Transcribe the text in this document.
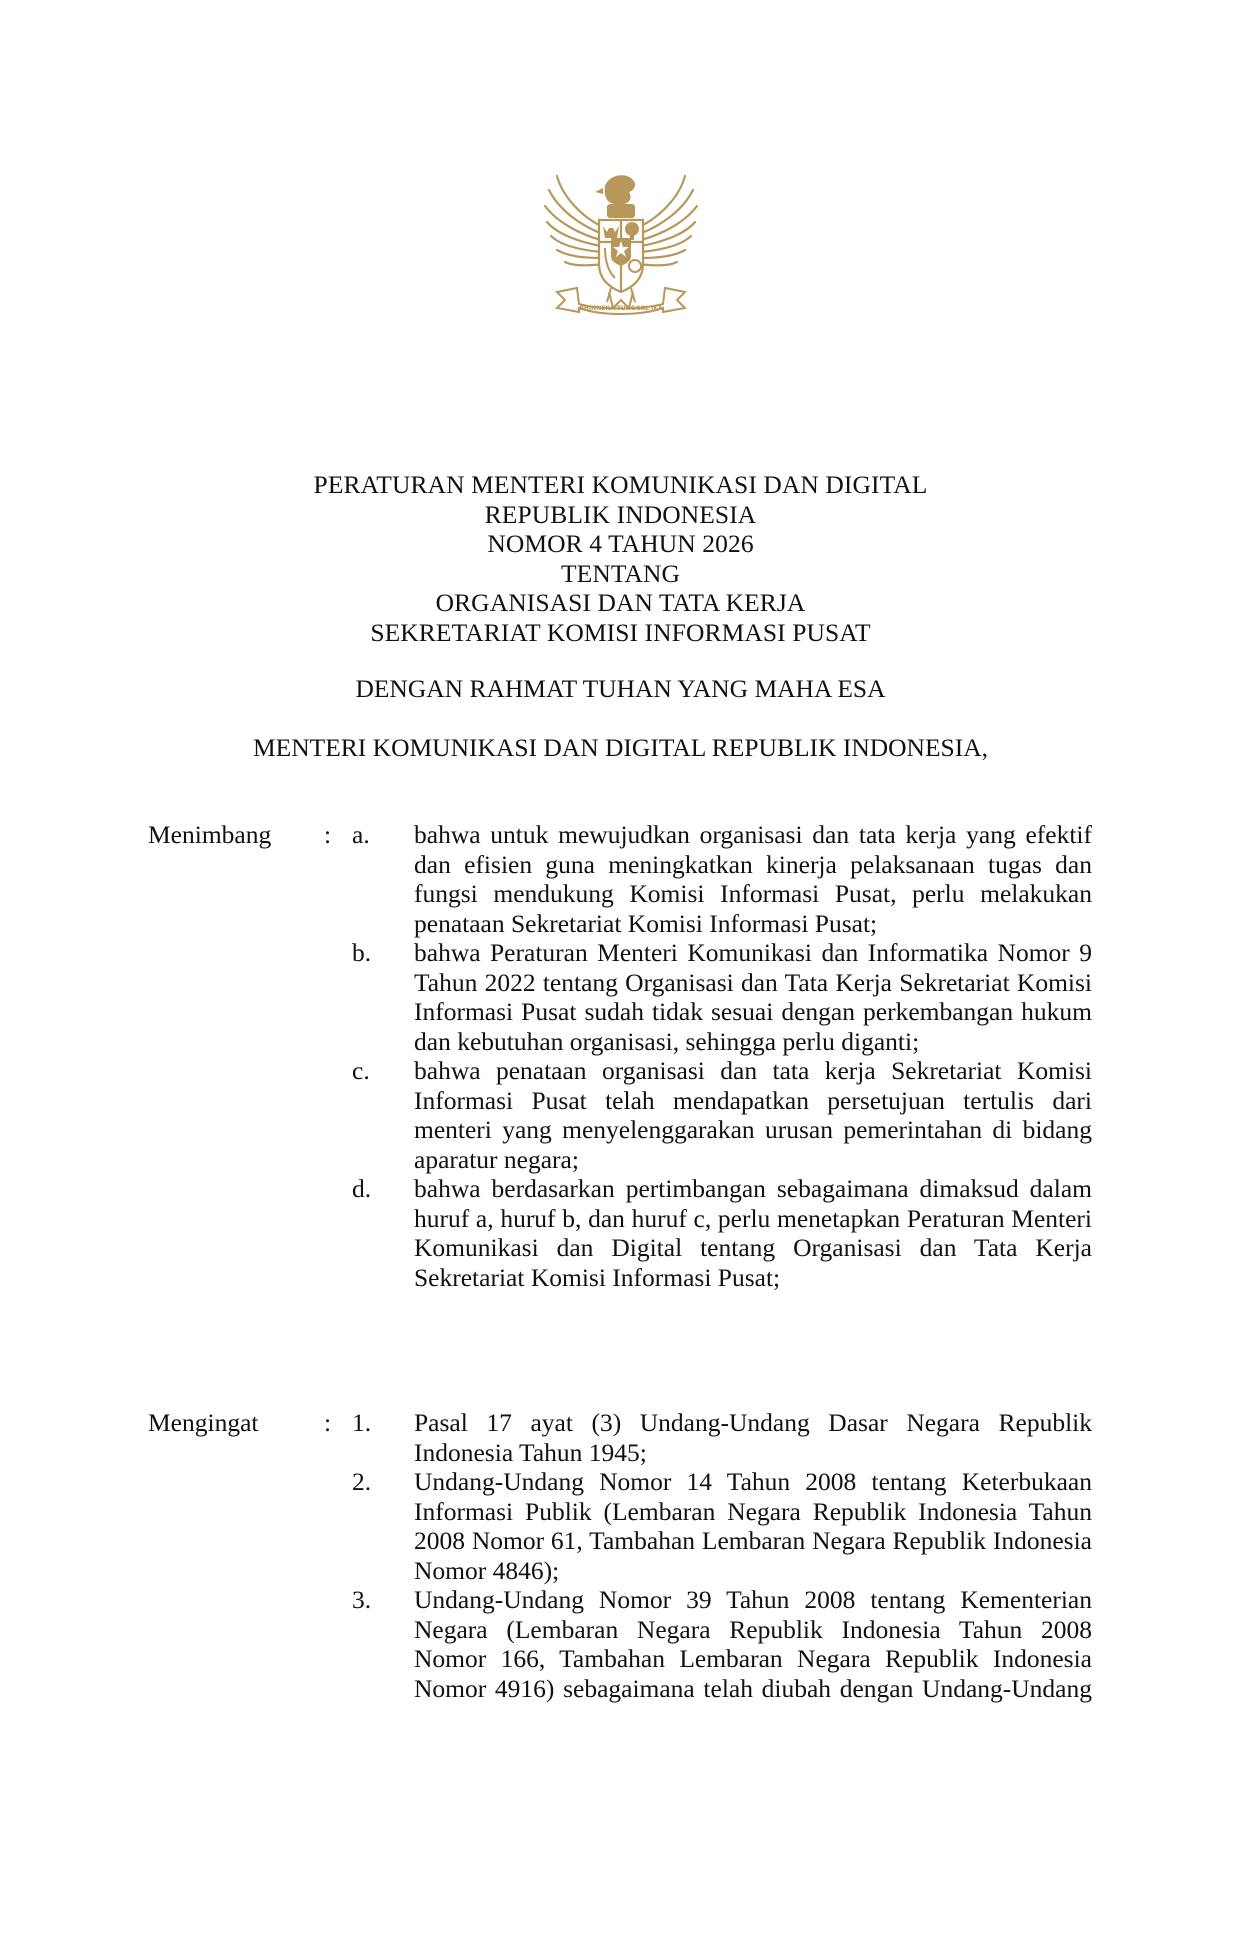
BHINNEKA TUNGGAL IKA
PERATURAN MENTERI KOMUNIKASI DAN DIGITAL
REPUBLIK INDONESIA
NOMOR 4 TAHUN 2026
TENTANG
ORGANISASI DAN TATA KERJA
SEKRETARIAT KOMISI INFORMASI PUSAT
DENGAN RAHMAT TUHAN YANG MAHA ESA
MENTERI KOMUNIKASI DAN DIGITAL REPUBLIK INDONESIA,
Menimbang : a. bahwa untuk mewujudkan organisasi dan tata kerja yang efektif dan efisien guna meningkatkan kinerja pelaksanaan tugas dan fungsi mendukung Komisi Informasi Pusat, perlu melakukan penataan Sekretariat Komisi Informasi Pusat;
b. bahwa Peraturan Menteri Komunikasi dan Informatika Nomor 9 Tahun 2022 tentang Organisasi dan Tata Kerja Sekretariat Komisi Informasi Pusat sudah tidak sesuai dengan perkembangan hukum dan kebutuhan organisasi, sehingga perlu diganti;
c. bahwa penataan organisasi dan tata kerja Sekretariat Komisi Informasi Pusat telah mendapatkan persetujuan tertulis dari menteri yang menyelenggarakan urusan pemerintahan di bidang aparatur negara;
d. bahwa berdasarkan pertimbangan sebagaimana dimaksud dalam huruf a, huruf b, dan huruf c, perlu menetapkan Peraturan Menteri Komunikasi dan Digital tentang Organisasi dan Tata Kerja Sekretariat Komisi Informasi Pusat;
Mengingat	: 1. Pasal 17 ayat (3) Undang-Undang Dasar Negara Republik Indonesia Tahun 1945;
2. Undang-Undang Nomor 14 Tahun 2008 tentang Keterbukaan Informasi Publik (Lembaran Negara Republik Indonesia Tahun 2008 Nomor 61, Tambahan Lembaran Negara Republik Indonesia Nomor 4846);
3. Undang-Undang Nomor 39 Tahun 2008 tentang Kementerian Negara (Lembaran Negara Republik Indonesia Tahun 2008 Nomor 166, Tambahan Lembaran Negara Republik Indonesia Nomor 4916) sebagaimana telah diubah dengan Undang-Undang
